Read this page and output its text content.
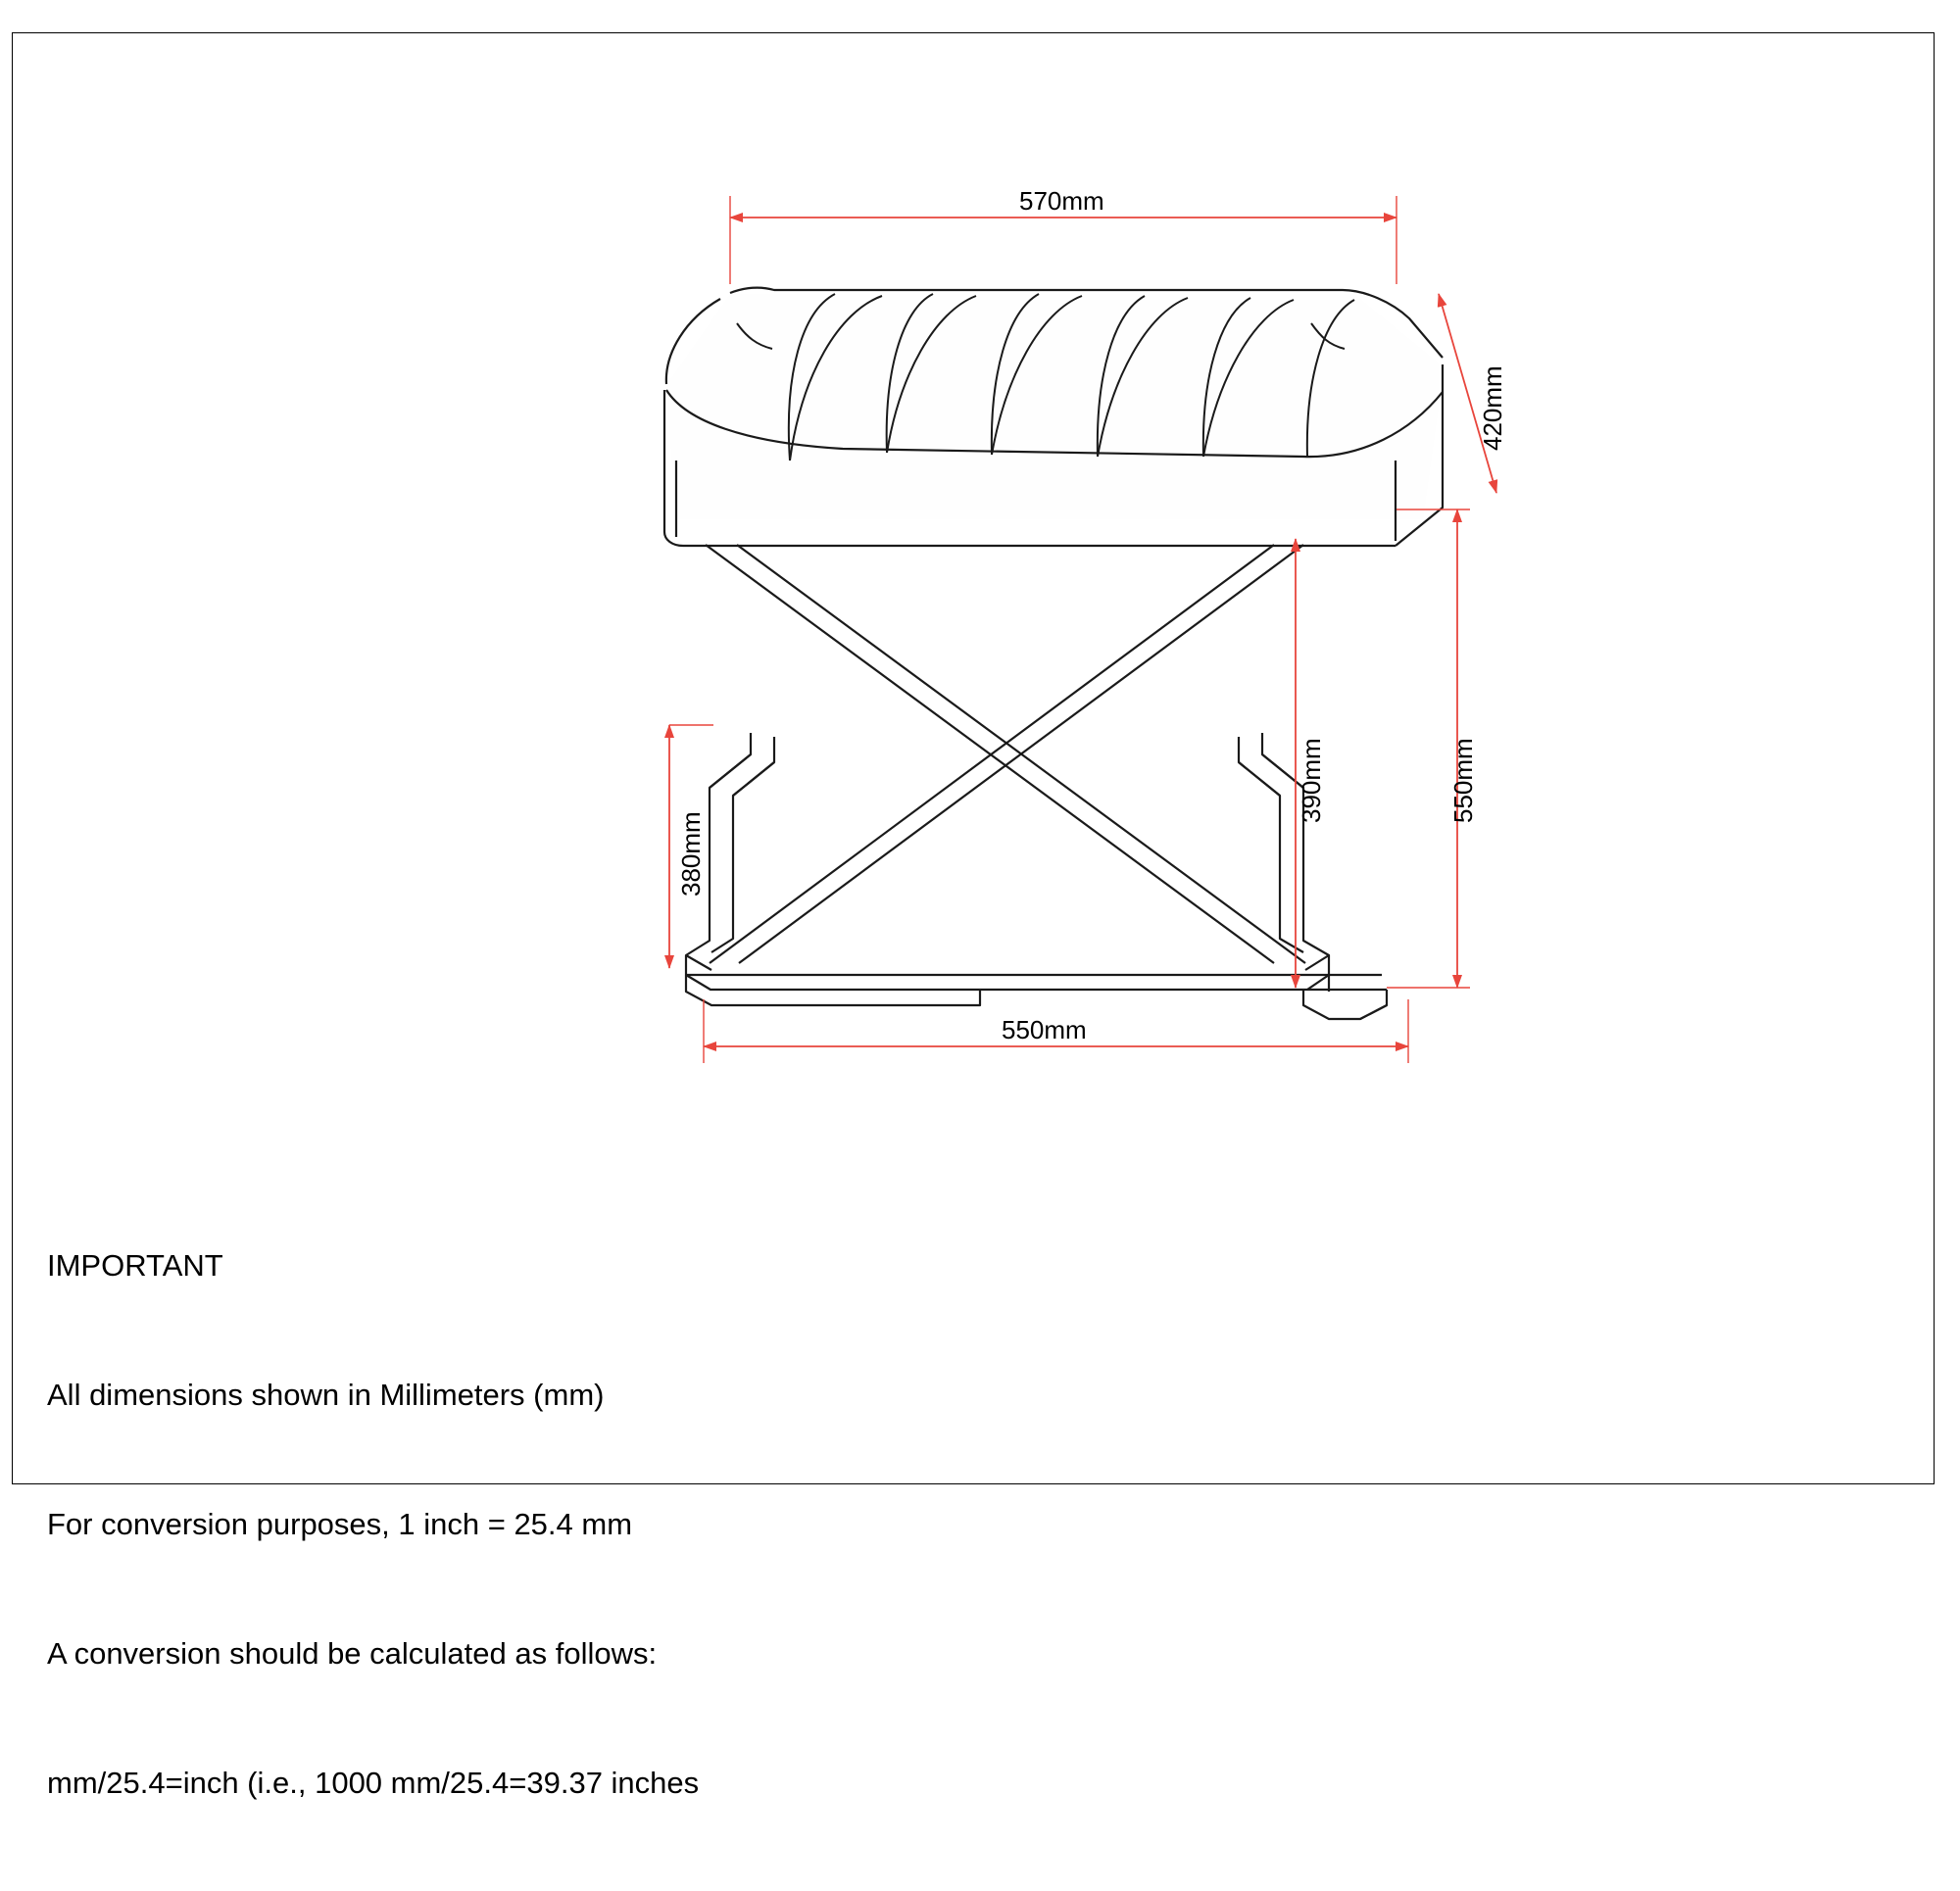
570mm
420mm
390mm	550mm
380mm
550mm

IMPORTANT

All dimensions shown in Millimeters (mm)

For conversion purposes, 1 inch = 25.4 mm

A conversion should be calculated as follows:

mm/25.4=inch (i.e., 1000 mm/25.4=39.37 inches
